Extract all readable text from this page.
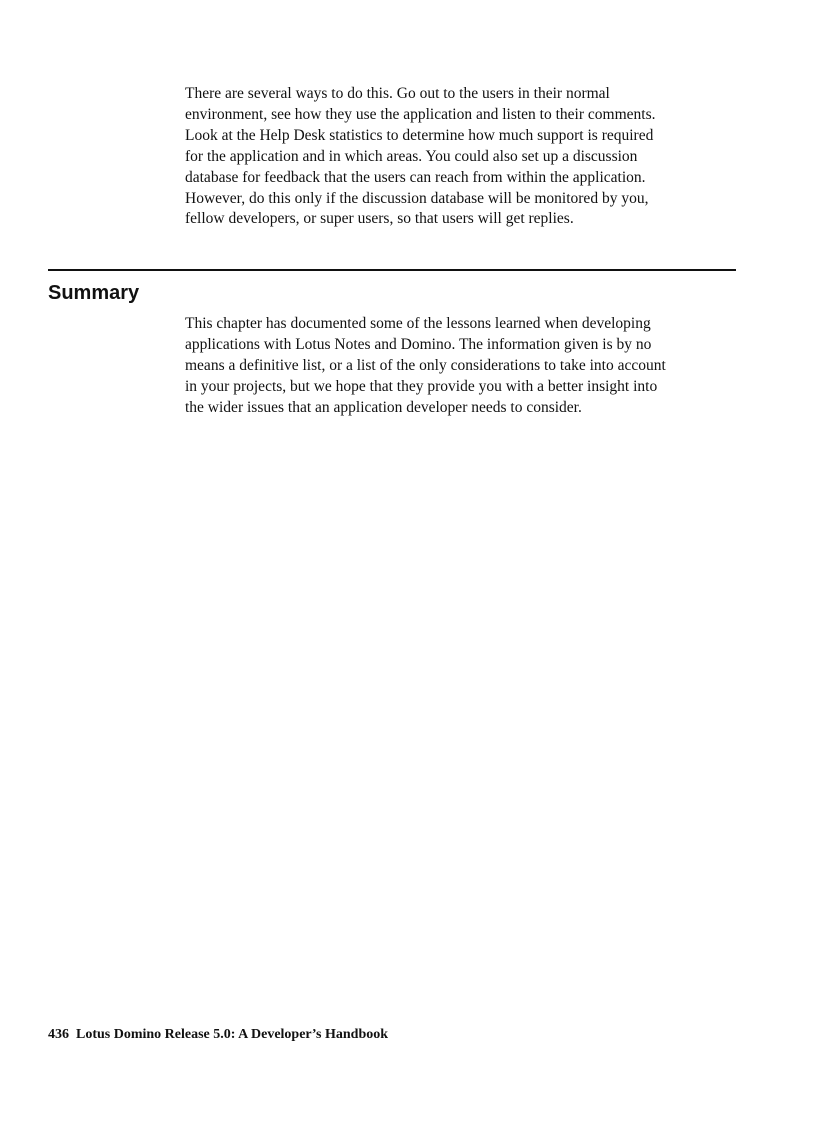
There are several ways to do this. Go out to the users in their normal
environment, see how they use the application and listen to their comments.
Look at the Help Desk statistics to determine how much support is required
for the application and in which areas. You could also set up a discussion
database for feedback that the users can reach from within the application.
However, do this only if the discussion database will be monitored by you,
fellow developers, or super users, so that users will get replies.

Summary

This chapter has documented some of the lessons learned when developing
applications with Lotus Notes and Domino. The information given is by no
means a definitive list, or a list of the only considerations to take into account
in your projects, but we hope that they provide you with a better insight into
the wider issues that an application developer needs to consider.

436 Lotus Domino Release 5.0: A Developer’s Handbook
